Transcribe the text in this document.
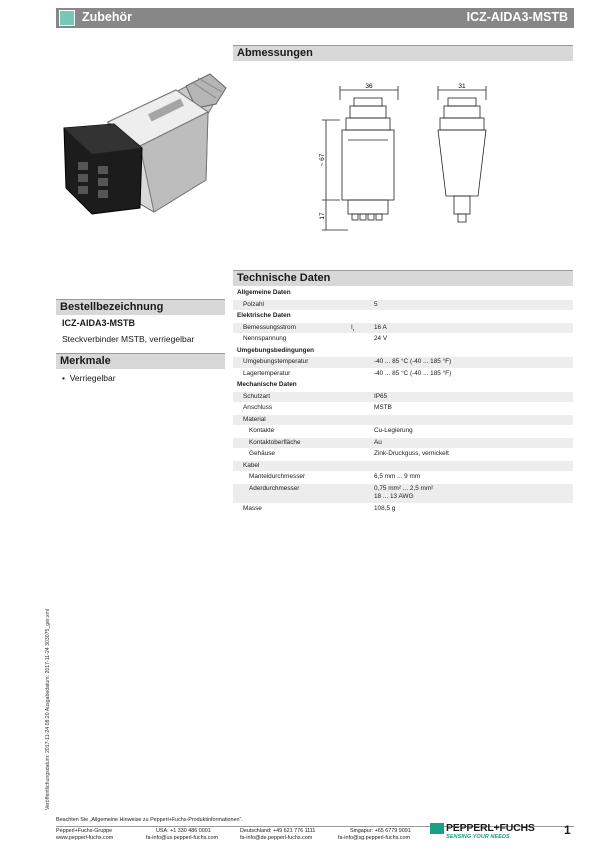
Zubehör	ICZ-AIDA3-MSTB
Abmessungen
36	31
~ 67
17
Technische Daten
Allgemeine Daten
Polzahl	5
Elektrische Daten
Bemessungsstrom	$I_r$	16 A
Nennspannung	24 V
Umgebungsbedingungen
Umgebungstemperatur	-40 ... 85 °C (-40 ... 185 °F)
Lagertemperatur	-40 ... 85 °C (-40 ... 185 °F)
Mechanische Daten
Schutzart	IP65
Anschluss	MSTB
Material
Kontakte	Cu-Legierung
Kontaktoberfläche	Au
Gehäuse	Zink-Druckguss, vernickelt
Kabel
Manteldurchmesser	6,5 mm ... 9 mm
Aderdurchmesser	0,75 mm² ... 2,5 mm²
18 ... 13 AWG
Masse	108,5 g
Bestellbezeichnung
ICZ-AIDA3-MSTB
Steckverbinder MSTB, verriegelbar
Merkmale
•  Verriegelbar
Veröffentlichungsdatum: 2017-11-24 08:20 Ausgabedatum: 2017-11-24 303075_ger.xml
Beachten Sie „Allgemeine Hinweise zu Pepperl+Fuchs-Produktinformationen“.
Pepperl+Fuchs-Gruppe
www.pepperl-fuchs.com
USA: +1 330 486 0001
fa-info@us.pepperl-fuchs.com
Deutschland: +49 621 776 1111
fa-info@de.pepperl-fuchs.com
Singapur: +65 6779 9091
fa-info@sg.pepperl-fuchs.com
PEPPERL+FUCHS
SENSING YOUR NEEDS	1
